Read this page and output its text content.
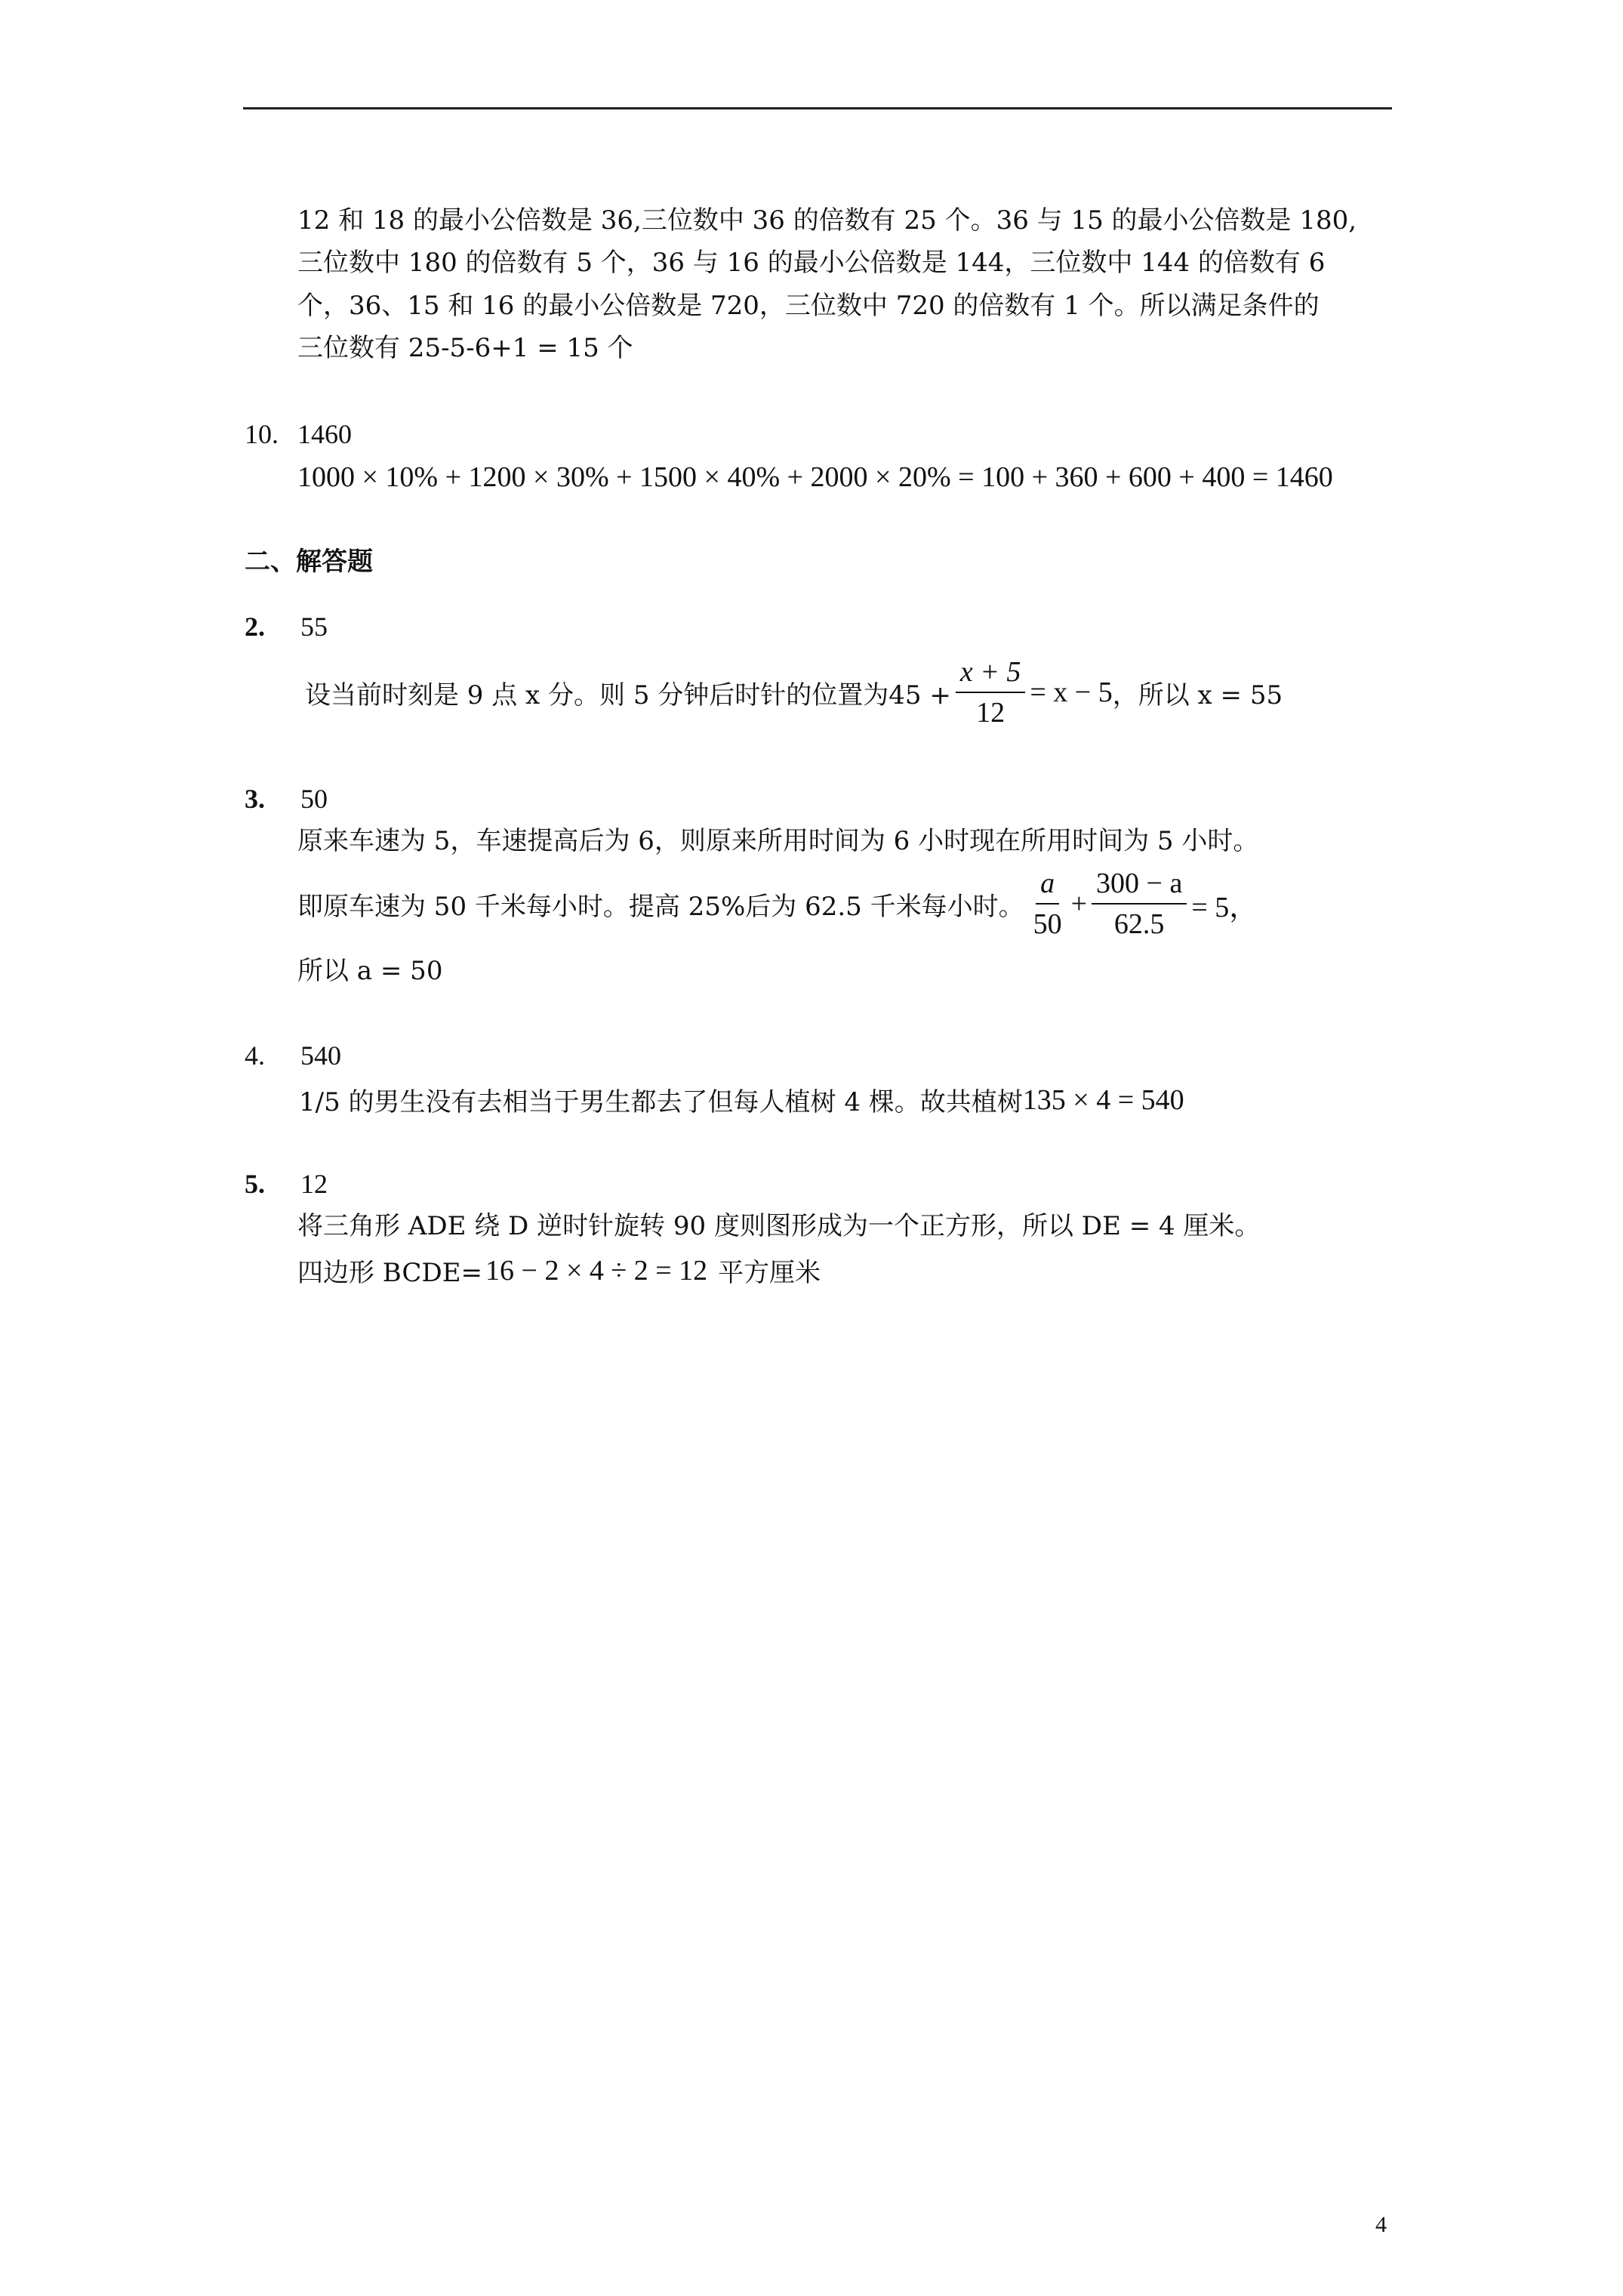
12 和 18 的最小公倍数是 36,三位数中 36 的倍数有 25 个。36 与 15 的最小公倍数是 180,
三位数中 180 的倍数有 5 个，36 与 16 的最小公倍数是 144，三位数中 144 的倍数有 6
个，36、15 和 16 的最小公倍数是 720，三位数中 720 的倍数有 1 个。所以满足条件的
三位数有 25-5-6+1 = 15 个
10. 1460
1000 × 10% + 1200 × 30% + 1500 × 40% + 2000 × 20% = 100 + 360 + 600 + 400 = 1460
二、解答题
2. 55
设当前时刻是 9 点 x 分。则 5 分钟后时针的位置为$45 + \frac{x + 5}{12} = x - 5$ ，所以 x = 55
3. 50
原来车速为 5，车速提高后为 6，则原来所用时间为 6 小时现在所用时间为 5 小时。
即原车速为 50 千米每小时。提高 25%后为 62.5 千米每小时。 $\frac{a}{50} + \frac{300 - a}{62.5} = 5$，
所以 a = 50
4. 540
1/5 的男生没有去相当于男生都去了但每人植树 4 棵。故共植树 135 × 4 = 540
5. 12
将三角形 ADE 绕 D 逆时针旋转 90 度则图形成为一个正方形，所以 DE = 4 厘米。
四边形 BCDE= 16 − 2 × 4 ÷ 2 = 12 平方厘米
4
